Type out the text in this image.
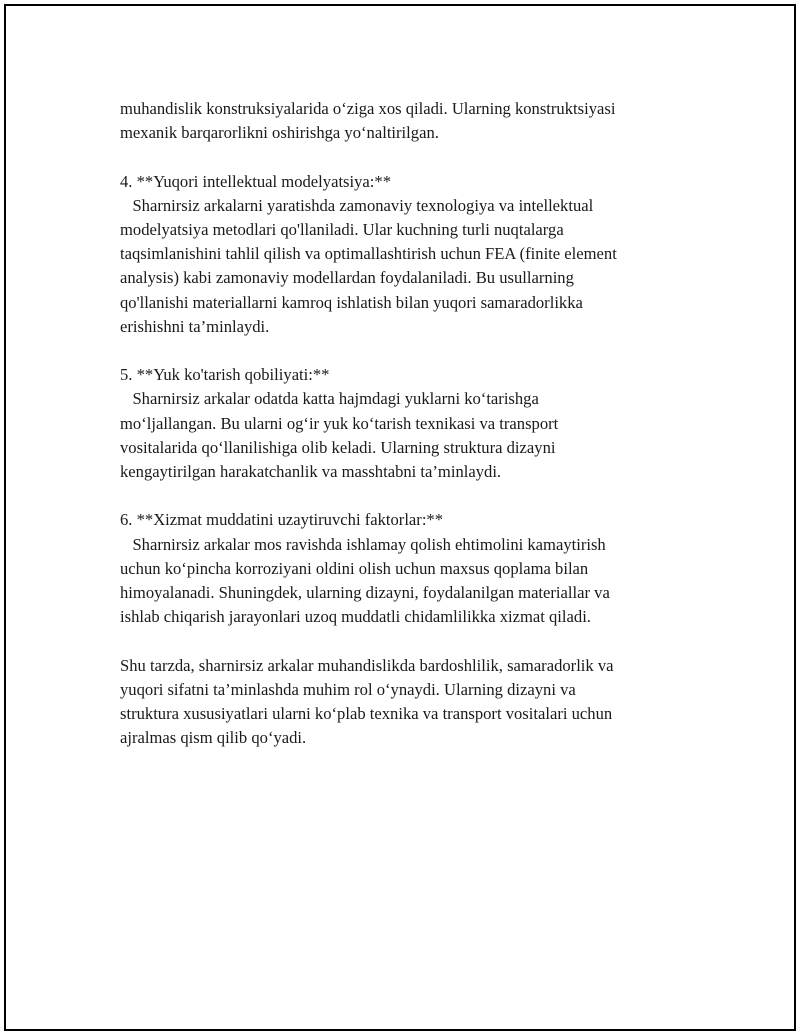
muhandislik konstruksiyalarida o‘ziga xos qiladi. Ularning konstruktsiyasi

mexanik barqarorlikni oshirishga yo‘naltirilgan.

4. **Yuqori intellektual modelyatsiya:**

Sharnirsiz arkalarni yaratishda zamonaviy texnologiya va intellektual

modelyatsiya metodlari qo'llaniladi. Ular kuchning turli nuqtalarga

taqsimlanishini tahlil qilish va optimallashtirish uchun FEA (finite element

analysis) kabi zamonaviy modellardan foydalaniladi. Bu usullarning

qo'llanishi materiallarni kamroq ishlatish bilan yuqori samaradorlikka

erishishni ta’minlaydi.

5. **Yuk ko'tarish qobiliyati:**

Sharnirsiz arkalar odatda katta hajmdagi yuklarni ko‘tarishga

mo‘ljallangan. Bu ularni og‘ir yuk ko‘tarish texnikasi va transport

vositalarida qo‘llanilishiga olib keladi. Ularning struktura dizayni

kengaytirilgan harakatchanlik va masshtabni ta’minlaydi.

6. **Xizmat muddatini uzaytiruvchi faktorlar:**

Sharnirsiz arkalar mos ravishda ishlamay qolish ehtimolini kamaytirish

uchun ko‘pincha korroziyani oldini olish uchun maxsus qoplama bilan

himoyalanadi. Shuningdek, ularning dizayni, foydalanilgan materiallar va

ishlab chiqarish jarayonlari uzoq muddatli chidamlilikka xizmat qiladi.

Shu tarzda, sharnirsiz arkalar muhandislikda bardoshlilik, samaradorlik va

yuqori sifatni ta’minlashda muhim rol o‘ynaydi. Ularning dizayni va

struktura xususiyatlari ularni ko‘plab texnika va transport vositalari uchun

ajralmas qism qilib qo‘yadi.
